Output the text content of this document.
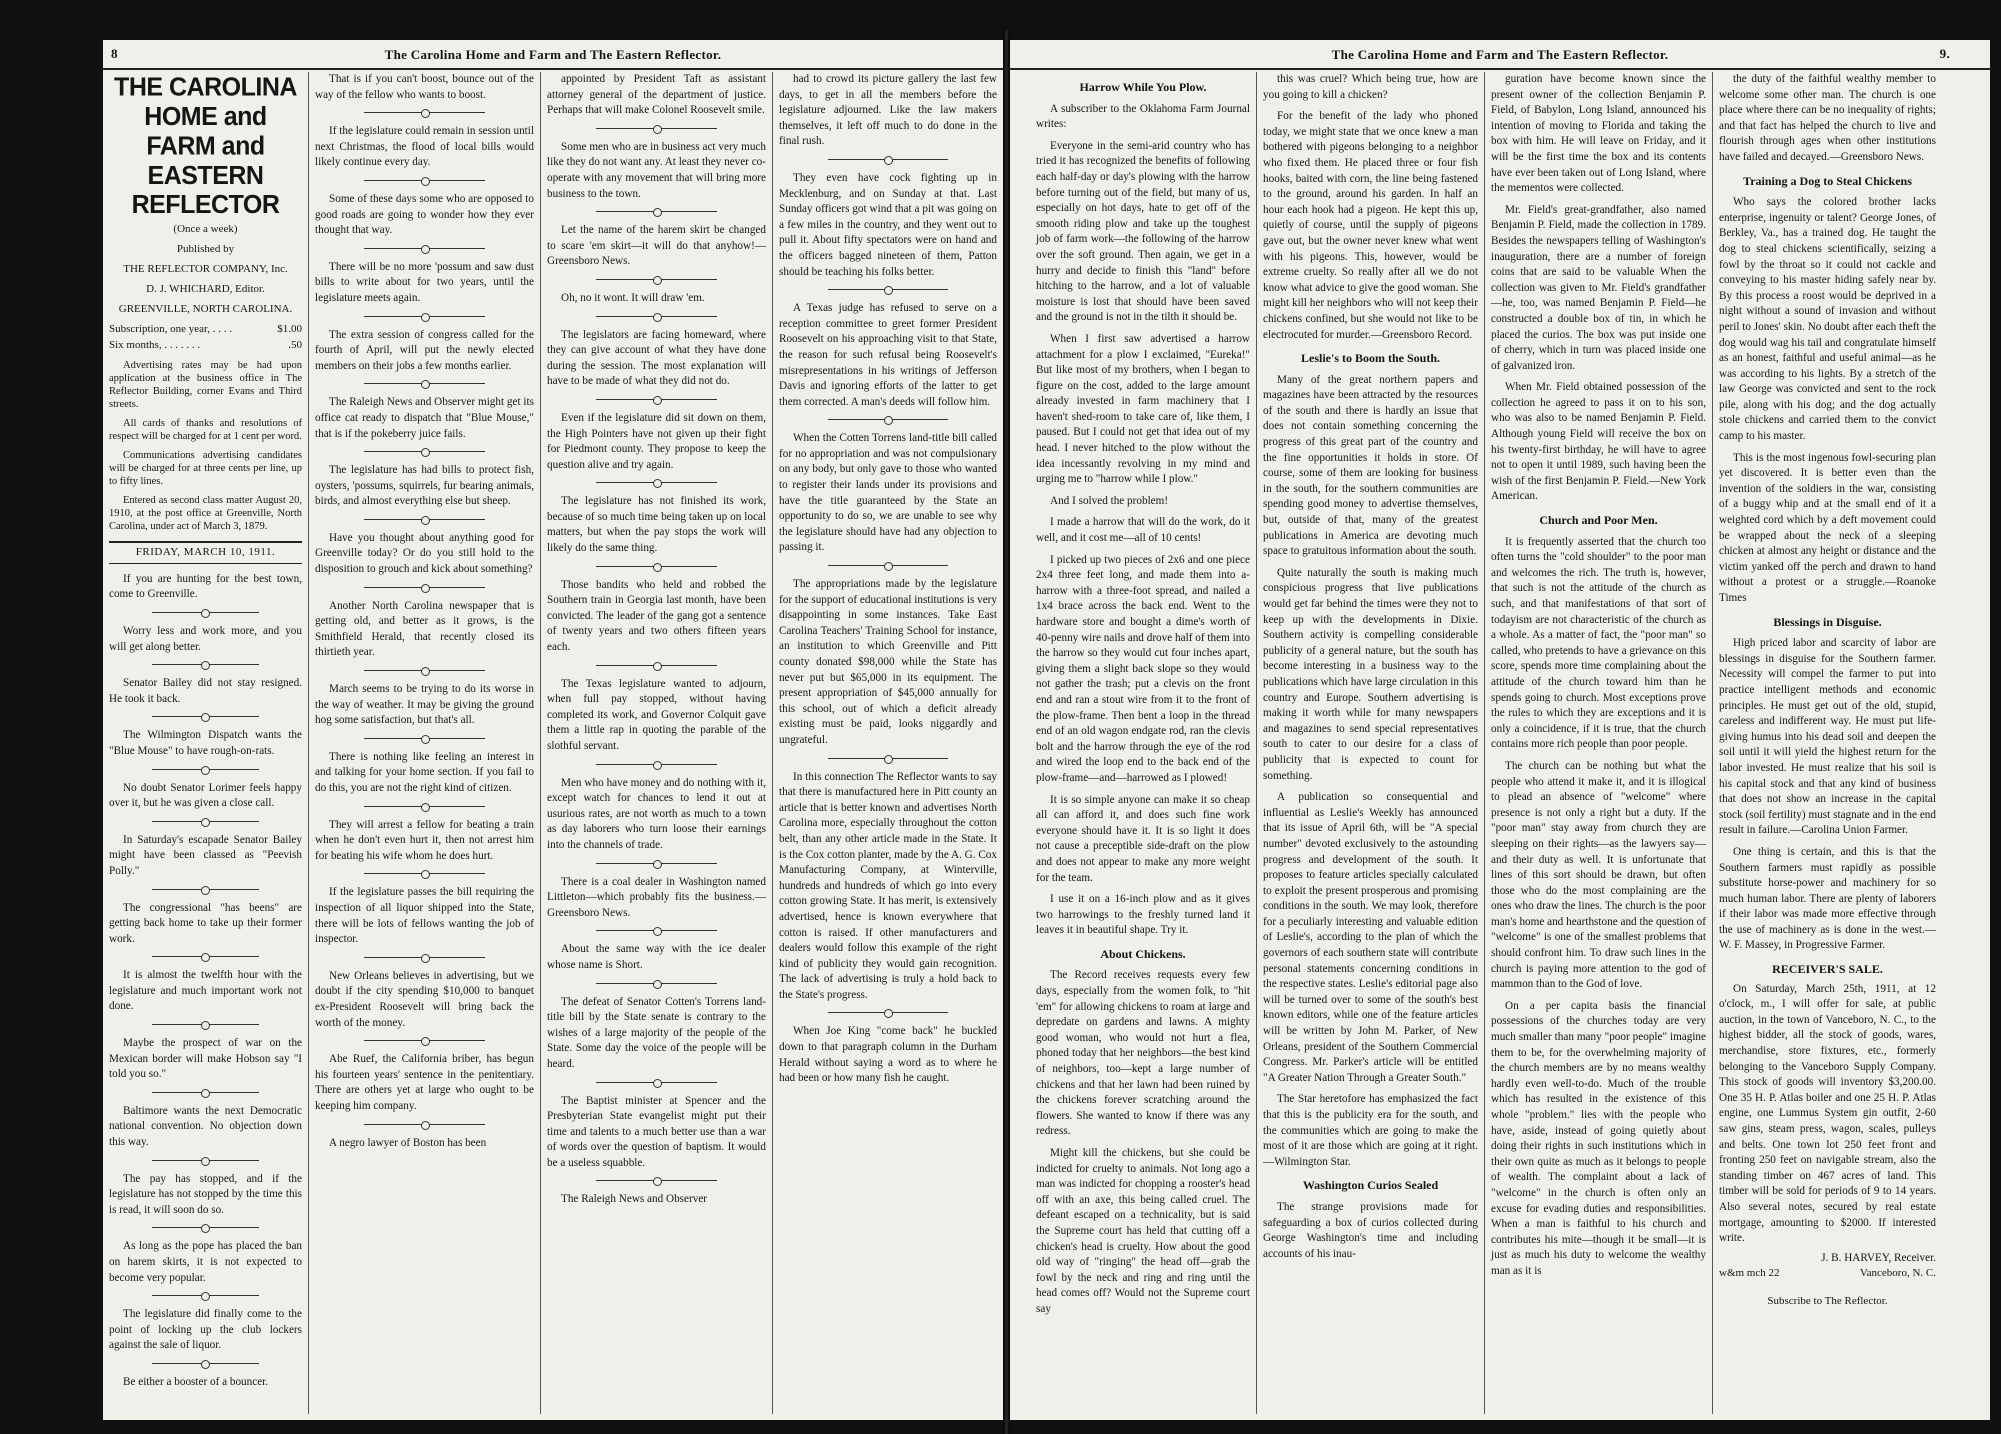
8	The Carolina Home and Farm and The Eastern Reflector.
THE CAROLINA HOME and FARM and EASTERN REFLECTOR

(Once a week)

Published by

THE REFLECTOR COMPANY, Inc.

D. J. WHICHARD, Editor.

GREENVILLE, NORTH CAROLINA.

Subscription, one year, . . . .	$1.00
Six months, . . . . . . .	.50

Advertising rates may be had upon application at the business office in The Reflector Building, corner Evans and Third streets.

All cards of thanks and resolutions of respect will be charged for at 1 cent per word.

Communications advertising candidates will be charged for at three cents per line, up to fifty lines.

Entered as second class matter August 20, 1910, at the post office at Greenville, North Carolina, under act of March 3, 1879.

FRIDAY, MARCH 10, 1911.

If you are hunting for the best town, come to Greenville.

Worry less and work more, and you will get along better.

Senator Bailey did not stay resigned. He took it back.

The Wilmington Dispatch wants the "Blue Mouse" to have rough-on-rats.

No doubt Senator Lorimer feels happy over it, but he was given a close call.

In Saturday's escapade Senator Bailey might have been classed as "Peevish Polly."

The congressional "has beens" are getting back home to take up their former work.

It is almost the twelfth hour with the legislature and much important work not done.

Maybe the prospect of war on the Mexican border will make Hobson say "I told you so."

Baltimore wants the next Democratic national convention. No objection down this way.

The pay has stopped, and if the legislature has not stopped by the time this is read, it will soon do so.

As long as the pope has placed the ban on harem skirts, it is not expected to become very popular.

The legislature did finally come to the point of locking up the club lockers against the sale of liquor.

Be either a booster of a bouncer.

That is if you can't boost, bounce out of the way of the fellow who wants to boost.

If the legislature could remain in session until next Christmas, the flood of local bills would likely continue every day.

Some of these days some who are opposed to good roads are going to wonder how they ever thought that way.

There will be no more 'possum and saw dust bills to write about for two years, until the legislature meets again.

The extra session of congress called for the fourth of April, will put the newly elected members on their jobs a few months earlier.

The Raleigh News and Observer might get its office cat ready to dispatch that "Blue Mouse," that is if the pokeberry juice fails.

The legislature has had bills to protect fish, oysters, 'possums, squirrels, fur bearing animals, birds, and almost everything else but sheep.

Have you thought about anything good for Greenville today? Or do you still hold to the disposition to grouch and kick about something?

Another North Carolina newspaper that is getting old, and better as it grows, is the Smithfield Herald, that recently closed its thirtieth year.

March seems to be trying to do its worse in the way of weather. It may be giving the ground hog some satisfaction, but that's all.

There is nothing like feeling an interest in and talking for your home section. If you fail to do this, you are not the right kind of citizen.

They will arrest a fellow for beating a train when he don't even hurt it, then not arrest him for beating his wife whom he does hurt.

If the legislature passes the bill requiring the inspection of all liquor shipped into the State, there will be lots of fellows wanting the job of inspector.

New Orleans believes in advertising, but we doubt if the city spending $10,000 to banquet ex-President Roosevelt will bring back the worth of the money.

Abe Ruef, the California briber, has begun his fourteen years' sentence in the penitentiary. There are others yet at large who ought to be keeping him company.

A negro lawyer of Boston has been

appointed by President Taft as assistant attorney general of the department of justice. Perhaps that will make Colonel Roosevelt smile.

Some men who are in business act very much like they do not want any. At least they never co-operate with any movement that will bring more business to the town.

Let the name of the harem skirt be changed to scare 'em skirt—it will do that anyhow!—Greensboro News.

Oh, no it wont. It will draw 'em.

The legislators are facing homeward, where they can give account of what they have done during the session. The most explanation will have to be made of what they did not do.

Even if the legislature did sit down on them, the High Pointers have not given up their fight for Piedmont county. They propose to keep the question alive and try again.

The legislature has not finished its work, because of so much time being taken up on local matters, but when the pay stops the work will likely do the same thing.

Those bandits who held and robbed the Southern train in Georgia last month, have been convicted. The leader of the gang got a sentence of twenty years and two others fifteen years each.

The Texas legislature wanted to adjourn, when full pay stopped, without having completed its work, and Governor Colquit gave them a little rap in quoting the parable of the slothful servant.

Men who have money and do nothing with it, except watch for chances to lend it out at usurious rates, are not worth as much to a town as day laborers who turn loose their earnings into the channels of trade.

There is a coal dealer in Washington named Littleton—which probably fits the business.—Greensboro News.

About the same way with the ice dealer whose name is Short.

The defeat of Senator Cotten's Torrens land-title bill by the State senate is contrary to the wishes of a large majority of the people of the State. Some day the voice of the people will be heard.

The Baptist minister at Spencer and the Presbyterian State evangelist might put their time and talents to a much better use than a war of words over the question of baptism. It would be a useless squabble.

The Raleigh News and Observer

had to crowd its picture gallery the last few days, to get in all the members before the legislature adjourned. Like the law makers themselves, it left off much to do done in the final rush.

They even have cock fighting up in Mecklenburg, and on Sunday at that. Last Sunday officers got wind that a pit was going on a few miles in the country, and they went out to pull it. About fifty spectators were on hand and the officers bagged nineteen of them, Patton should be teaching his folks better.

A Texas judge has refused to serve on a reception committee to greet former President Roosevelt on his approaching visit to that State, the reason for such refusal being Roosevelt's misrepresentations in his writings of Jefferson Davis and ignoring efforts of the latter to get them corrected. A man's deeds will follow him.

When the Cotten Torrens land-title bill called for no appropriation and was not compulsionary on any body, but only gave to those who wanted to register their lands under its provisions and have the title guaranteed by the State an opportunity to do so, we are unable to see why the legislature should have had any objection to passing it.

The appropriations made by the legislature for the support of educational institutions is very disappointing in some instances. Take East Carolina Teachers' Training School for instance, an institution to which Greenville and Pitt county donated $98,000 while the State has never put but $65,000 in its equipment. The present appropriation of $45,000 annually for this school, out of which a deficit already existing must be paid, looks niggardly and ungrateful.

In this connection The Reflector wants to say that there is manufactured here in Pitt county an article that is better known and advertises North Carolina more, especially throughout the cotton belt, than any other article made in the State. It is the Cox cotton planter, made by the A. G. Cox Manufacturing Company, at Winterville, hundreds and hundreds of which go into every cotton growing State. It has merit, is extensively advertised, hence is known everywhere that cotton is raised. If other manufacturers and dealers would follow this example of the right kind of publicity they would gain recognition. The lack of advertising is truly a hold back to the State's progress.

When Joe King "come back" he buckled down to that paragraph column in the Durham Herald without saying a word as to where he had been or how many fish he caught.

The Carolina Home and Farm and The Eastern Reflector.	9.
Harrow While You Plow.

A subscriber to the Oklahoma Farm Journal writes:

Everyone in the semi-arid country who has tried it has recognized the benefits of following each half-day or day's plowing with the harrow before turning out of the field, but many of us, especially on hot days, hate to get off of the smooth riding plow and take up the toughest job of farm work—the following of the harrow over the soft ground. Then again, we get in a hurry and decide to finish this "land" before hitching to the harrow, and a lot of valuable moisture is lost that should have been saved and the ground is not in the tilth it should be.

When I first saw advertised a harrow attachment for a plow I exclaimed, "Eureka!" But like most of my brothers, when I began to figure on the cost, added to the large amount already invested in farm machinery that I haven't shed-room to take care of, like them, I paused. But I could not get that idea out of my head. I never hitched to the plow without the idea incessantly revolving in my mind and urging me to "harrow while I plow."

And I solved the problem!

I made a harrow that will do the work, do it well, and it cost me—all of 10 cents!

I picked up two pieces of 2x6 and one piece 2x4 three feet long, and made them into a-harrow with a three-foot spread, and nailed a 1x4 brace across the back end. Went to the hardware store and bought a dime's worth of 40-penny wire nails and drove half of them into the harrow so they would cut four inches apart, giving them a slight back slope so they would not gather the trash; put a clevis on the front end and ran a stout wire from it to the front of the plow-frame. Then bent a loop in the thread end of an old wagon endgate rod, ran the clevis bolt and the harrow through the eye of the rod and wired the loop end to the back end of the plow-frame—and—harrowed as I plowed!

It is so simple anyone can make it so cheap all can afford it, and does such fine work everyone should have it. It is so light it does not cause a preceptible side-draft on the plow and does not appear to make any more weight for the team.

I use it on a 16-inch plow and as it gives two harrowings to the freshly turned land it leaves it in beautiful shape. Try it.

About Chickens.

The Record receives requests every few days, especially from the women folk, to "hit 'em" for allowing chickens to roam at large and depredate on gardens and lawns. A mighty good woman, who would not hurt a flea, phoned today that her neighbors—the best kind of neighbors, too—kept a large number of chickens and that her lawn had been ruined by the chickens forever scratching around the flowers. She wanted to know if there was any redress.

Might kill the chickens, but she could be indicted for cruelty to animals. Not long ago a man was indicted for chopping a rooster's head off with an axe, this being called cruel. The defeant escaped on a technicality, but is said the Supreme court has held that cutting off a chicken's head is cruelty. How about the good old way of "ringing" the head off—grab the fowl by the neck and ring and ring until the head comes off? Would not the Supreme court say

this was cruel? Which being true, how are you going to kill a chicken?

For the benefit of the lady who phoned today, we might state that we once knew a man bothered with pigeons belonging to a neighbor who fixed them. He placed three or four fish hooks, baited with corn, the line being fastened to the ground, around his garden. In half an hour each hook had a pigeon. He kept this up, quietly of course, until the supply of pigeons gave out, but the owner never knew what went with his pigeons. This, however, would be extreme cruelty. So really after all we do not know what advice to give the good woman. She might kill her neighbors who will not keep their chickens confined, but she would not like to be electrocuted for murder.—Greensboro Record.

Leslie's to Boom the South.

Many of the great northern papers and magazines have been attracted by the resources of the south and there is hardly an issue that does not contain something concerning the progress of this great part of the country and the fine opportunities it holds in store. Of course, some of them are looking for business in the south, for the southern communities are spending good money to advertise themselves, but, outside of that, many of the greatest publications in America are devoting much space to gratuitous information about the south.

Quite naturally the south is making much conspicious progress that live publications would get far behind the times were they not to keep up with the developments in Dixie. Southern activity is compelling considerable publicity of a general nature, but the south has become interesting in a business way to the publications which have large circulation in this country and Europe. Southern advertising is making it worth while for many newspapers and magazines to send special representatives south to cater to our desire for a class of publicity that is expected to count for something.

A publication so consequential and influential as Leslie's Weekly has announced that its issue of April 6th, will be "A special number" devoted exclusively to the astounding progress and development of the south. It proposes to feature articles specially calculated to exploit the present prosperous and promising conditions in the south. We may look, therefore for a peculiarly interesting and valuable edition of Leslie's, according to the plan of which the governors of each southern state will contribute personal statements concerning conditions in the respective states. Leslie's editorial page also will be turned over to some of the south's best known editors, while one of the feature articles will be written by John M. Parker, of New Orleans, president of the Southern Commercial Congress. Mr. Parker's article will be entitled "A Greater Nation Through a Greater South."

The Star heretofore has emphasized the fact that this is the publicity era for the south, and the communities which are going to make the most of it are those which are going at it right.—Wilmington Star.

Washington Curios Sealed

The strange provisions made for safeguarding a box of curios collected during George Washington's time and including accounts of his inau-

guration have become known since the present owner of the collection Benjamin P. Field, of Babylon, Long Island, announced his intention of moving to Florida and taking the box with him. He will leave on Friday, and it will be the first time the box and its contents have ever been taken out of Long Island, where the mementos were collected.

Mr. Field's great-grandfather, also named Benjamin P. Field, made the collection in 1789. Besides the newspapers telling of Washington's inauguration, there are a number of foreign coins that are said to be valuable When the collection was given to Mr. Field's grandfather—he, too, was named Benjamin P. Field—he constructed a double box of tin, in which he placed the curios. The box was put inside one of cherry, which in turn was placed inside one of galvanized iron.

When Mr. Field obtained possession of the collection he agreed to pass it on to his son, who was also to be named Benjamin P. Field. Although young Field will receive the box on his twenty-first birthday, he will have to agree not to open it until 1989, such having been the wish of the first Benjamin P. Field.—New York American.

Church and Poor Men.

It is frequently asserted that the church too often turns the "cold shoulder" to the poor man and welcomes the rich. The truth is, however, that such is not the attitude of the church as such, and that manifestations of that sort of todayism are not characteristic of the church as a whole. As a matter of fact, the "poor man" so called, who pretends to have a grievance on this score, spends more time complaining about the attitude of the church toward him than he spends going to church. Most exceptions prove the rules to which they are exceptions and it is only a coincidence, if it is true, that the church contains more rich people than poor people.

The church can be nothing but what the people who attend it make it, and it is illogical to plead an absence of "welcome" where presence is not only a right but a duty. If the "poor man" stay away from church they are sleeping on their rights—as the lawyers say—and their duty as well. It is unfortunate that lines of this sort should be drawn, but often those who do the most complaining are the ones who draw the lines. The church is the poor man's home and hearthstone and the question of "welcome" is one of the smallest problems that should confront him. To draw such lines in the church is paying more attention to the god of mammon than to the God of love.

On a per capita basis the financial possessions of the churches today are very much smaller than many "poor people" imagine them to be, for the overwhelming majority of the church members are by no means wealthy hardly even well-to-do. Much of the trouble which has resulted in the existence of this whole "problem." lies with the people who have, aside, instead of going quietly about doing their rights in such institutions which in their own quite as much as it belongs to people of wealth. The complaint about a lack of "welcome" in the church is often only an excuse for evading duties and responsibilities. When a man is faithful to his church and contributes his mite—though it be small—it is just as much his duty to welcome the wealthy man as it is

the duty of the faithful wealthy member to welcome some other man. The church is one place where there can be no inequality of rights; and that fact has helped the church to live and flourish through ages when other institutions have failed and decayed.—Greensboro News.

Training a Dog to Steal Chickens

Who says the colored brother lacks enterprise, ingenuity or talent? George Jones, of Berkley, Va., has a trained dog. He taught the dog to steal chickens scientifically, seizing a fowl by the throat so it could not cackle and conveying to his master hiding safely near by. By this process a roost would be deprived in a night without a sound of invasion and without peril to Jones' skin. No doubt after each theft the dog would wag his tail and congratulate himself as an honest, faithful and useful animal—as he was according to his lights. By a stretch of the law George was convicted and sent to the rock pile, along with his dog; and the dog actually stole chickens and carried them to the convict camp to his master.

This is the most ingenous fowl-securing plan yet discovered. It is better even than the invention of the soldiers in the war, consisting of a buggy whip and at the small end of it a weighted cord which by a deft movement could be wrapped about the neck of a sleeping chicken at almost any height or distance and the victim yanked off the perch and drawn to hand without a protest or a struggle.—Roanoke Times

Blessings in Disguise.

High priced labor and scarcity of labor are blessings in disguise for the Southern farmer. Necessity will compel the farmer to put into practice intelligent methods and economic principles. He must get out of the old, stupid, careless and indifferent way. He must put life-giving humus into his dead soil and deepen the soil until it will yield the highest return for the labor invested. He must realize that his soil is his capital stock and that any kind of business that does not show an increase in the capital stock (soil fertility) must stagnate and in the end result in failure.—Carolina Union Farmer.

One thing is certain, and this is that the Southern farmers must rapidly as possible substitute horse-power and machinery for so much human labor. There are plenty of laborers if their labor was made more effective through the use of machinery as is done in the west.—W. F. Massey, in Progressive Farmer.

RECEIVER'S SALE.

On Saturday, March 25th, 1911, at 12 o'clock, m., I will offer for sale, at public auction, in the town of Vanceboro, N. C., to the highest bidder, all the stock of goods, wares, merchandise, store fixtures, etc., formerly belonging to the Vanceboro Supply Company. This stock of goods will inventory $3,200.00. One 35 H. P. Atlas boiler and one 25 H. P. Atlas engine, one Lummus System gin outfit, 2-60 saw gins, steam press, wagon, scales, pulleys and belts. One town lot 250 feet front and fronting 250 feet on navigable stream, also the standing timber on 467 acres of land. This timber will be sold for periods of 9 to 14 years. Also several notes, secured by real estate mortgage, amounting to $2000. If interested write.

J. B. HARVEY, Receiver.

w&m mch 22	Vanceboro, N. C.

Subscribe to The Reflector.
